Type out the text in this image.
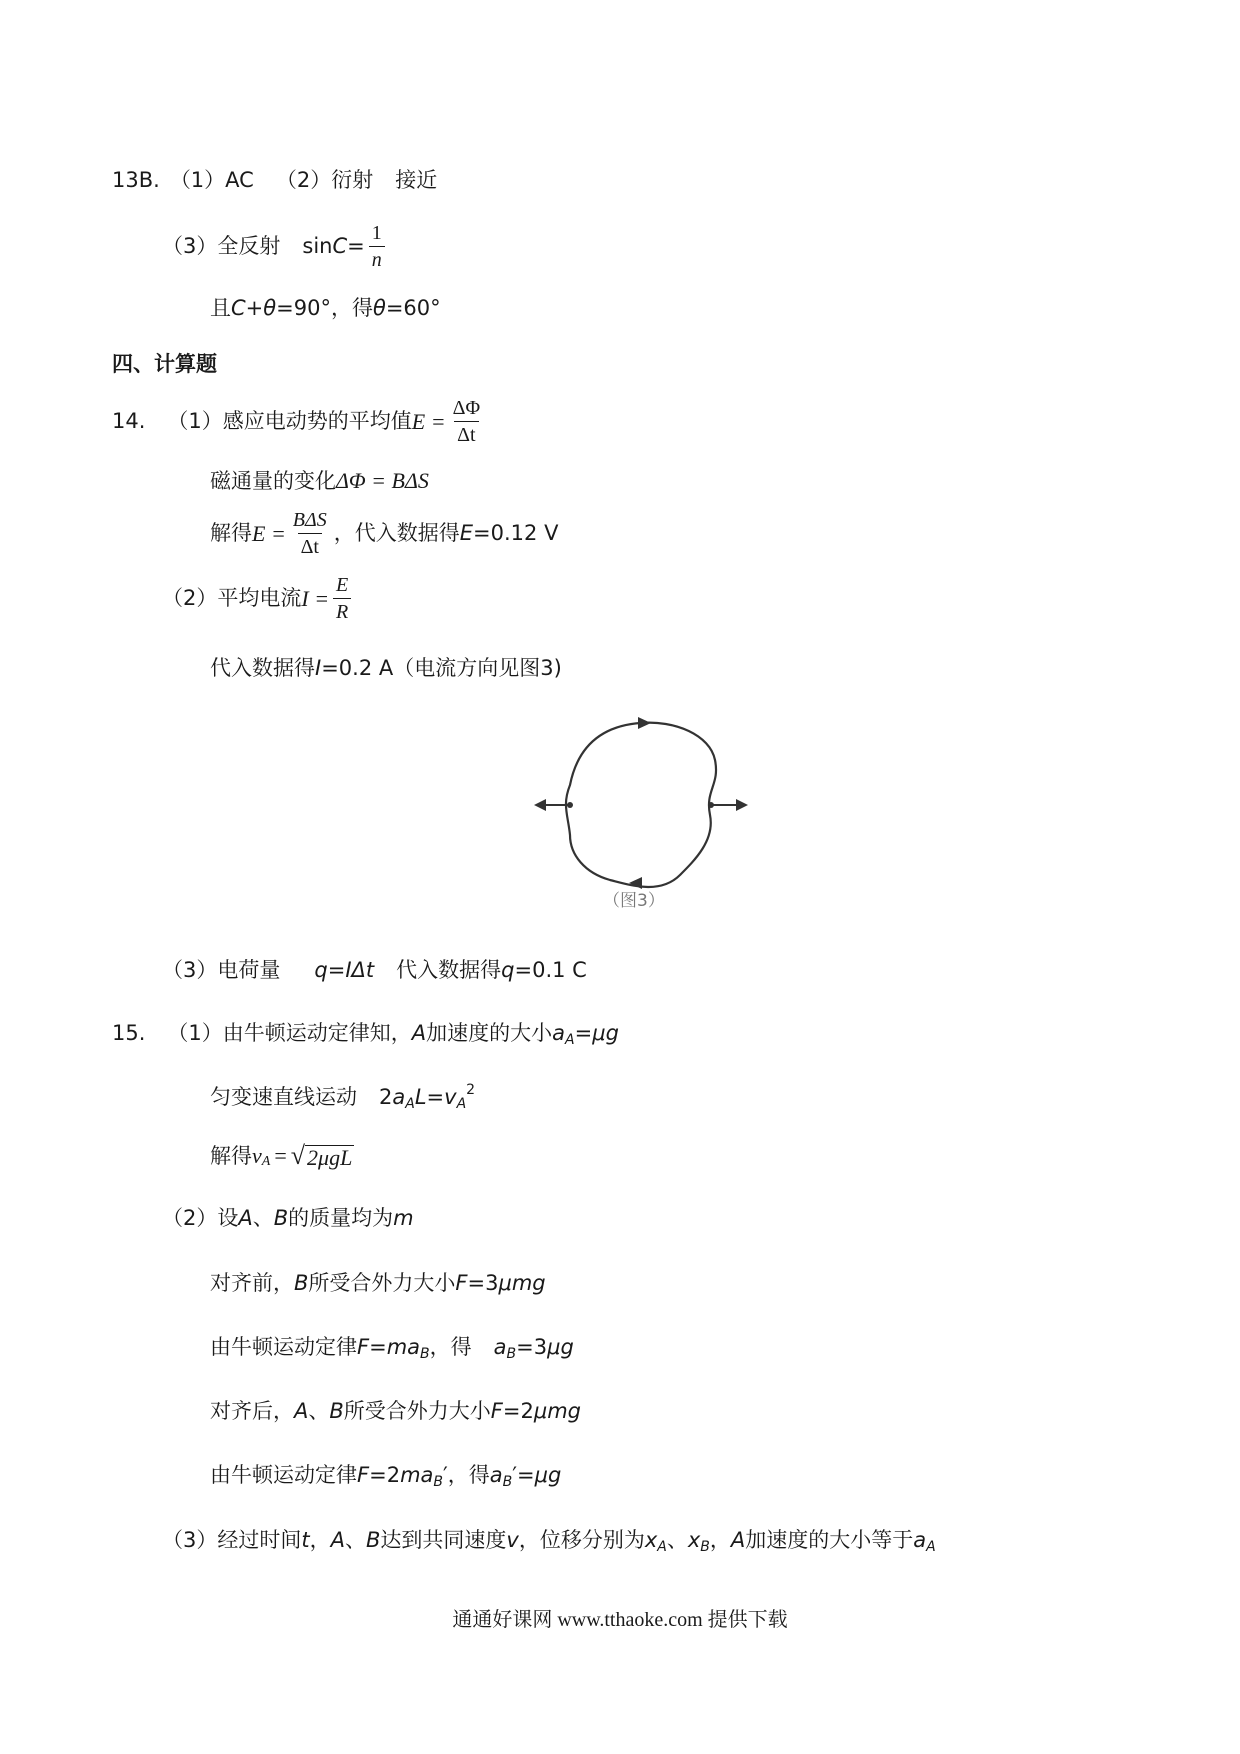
13B. （1）AC （2）衍射 接近
（3）全反射 $\sin C = \frac{1}{n}$
且 C + θ =90°，得 θ =60°
四、计算题
14. （1）感应电动势的平均值 $E = \frac{\Delta\Phi}{\Delta t}$
磁通量的变化 ΔΦ = BΔS
解得 $E = \frac{\text{BΔS}}{\Delta t}$ ，代入数据得 E =0.12 V
（2）平均电流 $I = \frac{E}{R}$
代入数据得 I =0.2 A（电流方向见图3)
（图3）
（3）电荷量 q = I Δt 代入数据得 q =0.1 C
15. （1）由牛顿运动定律知， A 加速度的大小 a A = μg
匀变速直线运动 2 a A L = v A
2
解得 v A = √ 2μgL
（2）设 A 、 B 的质量均为 m
对齐前， B 所受合外力大小 F =3 μmg
由牛顿运动定律 F = ma B ，得 a B =3 μg
对齐后， A 、 B 所受合外力大小 F =2 μmg
由牛顿运动定律 F =2 ma B ′ ，得 a B ′ = μg
（3）经过时间 t ， A 、 B 达到共同速度 v ，位移分别为 x A 、 x B ， A 加速度的大小等于 a A
通通好课网 www.tthaoke.com 提供下载
